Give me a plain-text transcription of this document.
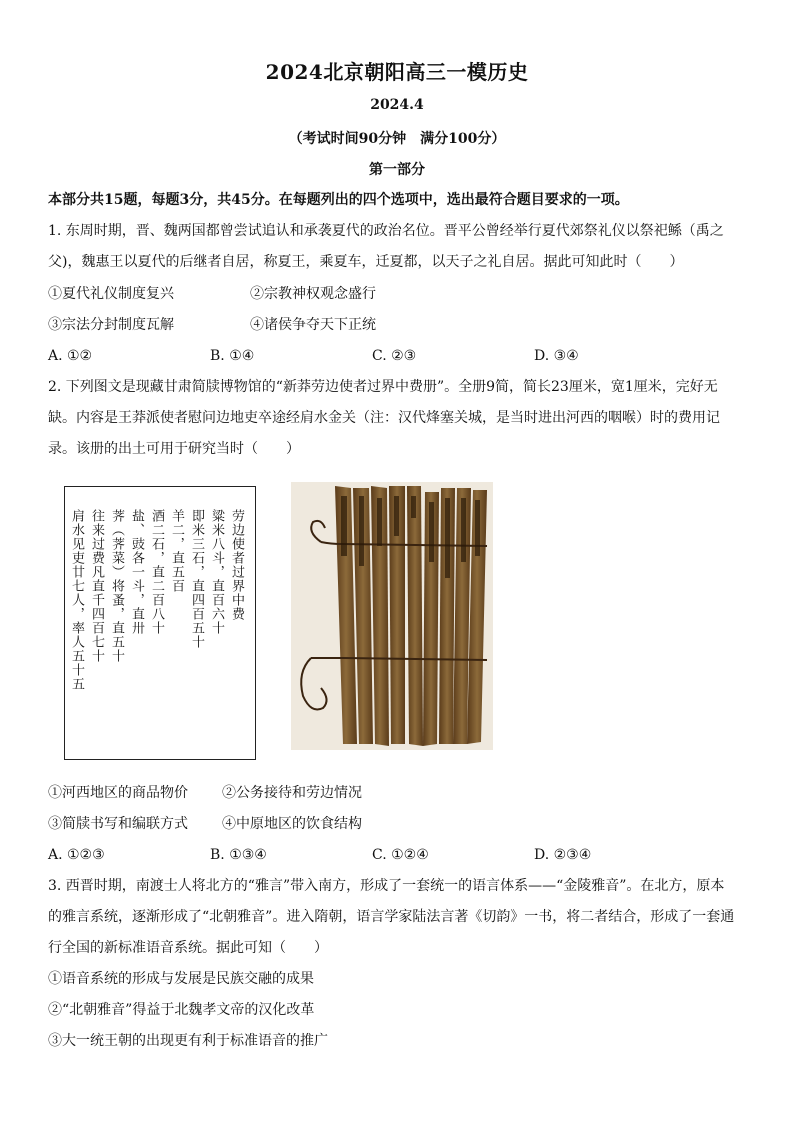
2024北京朝阳高三一模历史
2024.4
（考试时间90分钟　满分100分）
第一部分
本部分共15题，每题3分，共45分。在每题列出的四个选项中，选出最符合题目要求的一项。
1. 东周时期，晋、魏两国都曾尝试追认和承袭夏代的政治名位。晋平公曾经举行夏代郊祭礼仪以祭祀鲧（禹之
父)，魏惠王以夏代的后继者自居，称夏王，乘夏车，迁夏都，以天子之礼自居。据此可知此时（　　）
①夏代礼仪制度复兴	②宗教神权观念盛行
③宗法分封制度瓦解	④诸侯争夺天下正统
A. ①②	B. ①④	C. ②③	D. ③④
2. 下列图文是现藏甘肃简牍博物馆的“新莽劳边使者过界中费册”。全册9简，简长23厘米，宽1厘米，完好无
缺。内容是王莽派使者慰问边地吏卒途经肩水金关（注：汉代烽塞关城，是当时进出河西的咽喉）时的费用记
录。该册的出土可用于研究当时（　　）
劳边使者过界中费
粱米八斗，直百六十
即米三石，直四百五十
羊二，直五百
酒二石，直二百八十
盐、豉各一斗，直卅
荠（荠菜）将蚤，直五十
往来过费凡直千四百七十
肩水见吏廿七人，率人五十五
①河西地区的商品物价 ②公务接待和劳边情况
③简牍书写和编联方式 ④中原地区的饮食结构
A. ①②③	B. ①③④	C. ①②④	D. ②③④
3. 西晋时期，南渡士人将北方的“雅言”带入南方，形成了一套统一的语言体系——“金陵雅音”。在北方，原本
的雅言系统，逐渐形成了“北朝雅音”。进入隋朝，语言学家陆法言著《切韵》一书，将二者结合，形成了一套通
行全国的新标准语音系统。据此可知（　　）
①语音系统的形成与发展是民族交融的成果
②“北朝雅音”得益于北魏孝文帝的汉化改革
③大一统王朝的出现更有利于标准语音的推广
